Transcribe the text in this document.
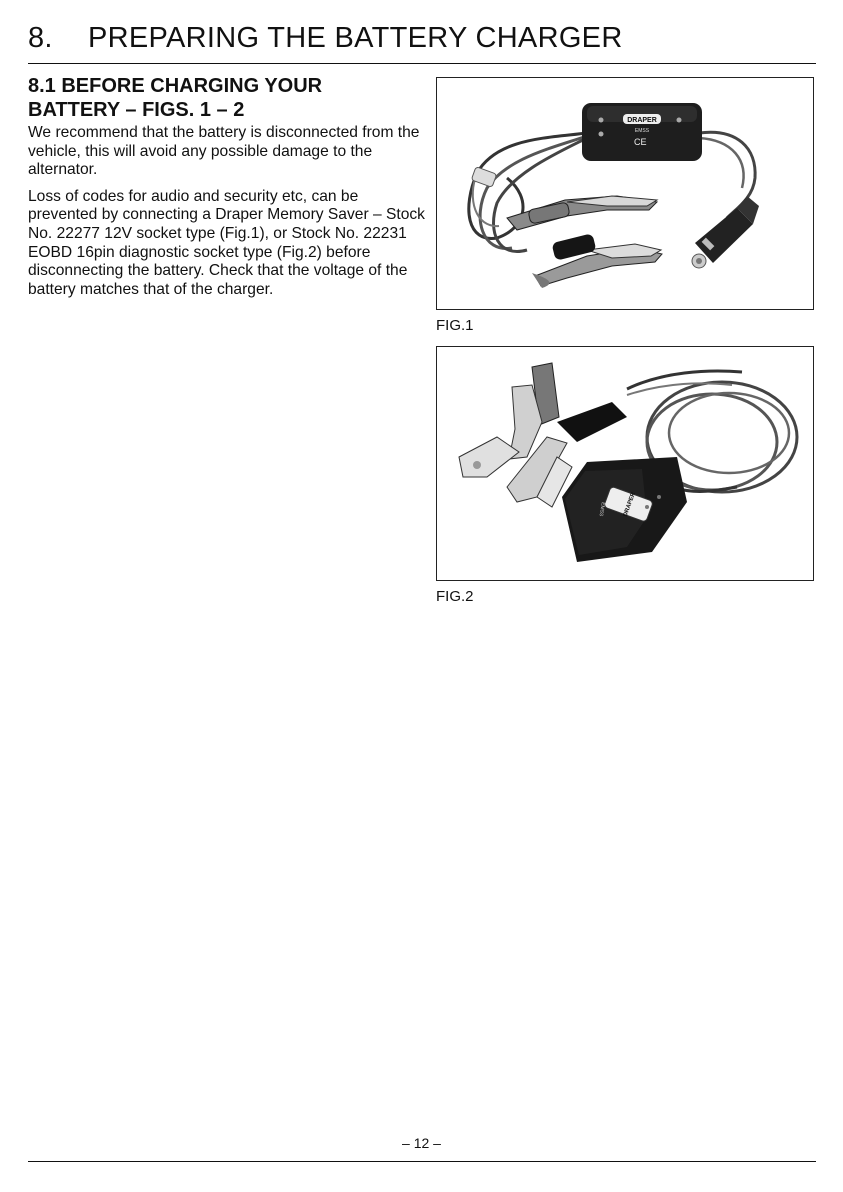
8. PREPARING THE BATTERY CHARGER
8.1 BEFORE CHARGING YOUR
BATTERY – FIGS. 1 – 2

We recommend that the battery is disconnected from the vehicle, this will avoid any possible damage to the alternator.

Loss of codes for audio and security etc, can be prevented by connecting a Draper Memory Saver – Stock No. 22277 12V socket type (Fig.1), or Stock No. 22231 EOBD 16pin diagnostic socket type (Fig.2) before disconnecting the battery. Check that the voltage of the battery matches that of the charger.

DRAPER
EMSS
CE
FIG.1
DRAPER
EMSS
FIG.2
– 12 –
